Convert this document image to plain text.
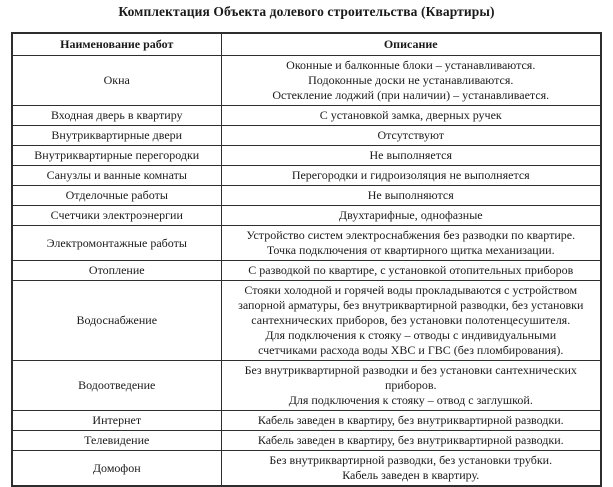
Комплектация Объекта долевого строительства (Квартиры)
Наименование работ	Описание
Окна	Оконные и балконные блоки – устанавливаются.
Подоконные доски не устанавливаются.
Остекление лоджий (при наличии) – устанавливается.

Входная дверь в квартиру	С установкой замка, дверных ручек

Внутриквартирные двери	Отсутствуют

Внутриквартирные перегородки	Не выполняется

Санузлы и ванные комнаты	Перегородки и гидроизоляция не выполняется

Отделочные работы	Не выполняются

Счетчики электроэнергии	Двухтарифные, однофазные

Электромонтажные работы	Устройство систем электроснабжения без разводки по квартире.
Точка подключения от квартирного щитка механизации.

Отопление	С разводкой по квартире, с установкой отопительных приборов

Водоснабжение	Стояки холодной и горячей воды прокладываются с устройством
запорной арматуры, без внутриквартирной разводки, без установки
сантехнических приборов, без установки полотенцесушителя.
Для подключения к стояку – отводы с индивидуальными
счетчиками расхода воды ХВС и ГВС (без пломбирования).

Водоотведение	Без внутриквартирной разводки и без установки сантехнических
приборов.
Для подключения к стояку – отвод с заглушкой.

Интернет	Кабель заведен в квартиру, без внутриквартирной разводки.

Телевидение	Кабель заведен в квартиру, без внутриквартирной разводки.

Домофон	Без внутриквартирной разводки, без установки трубки.
Кабель заведен в квартиру.
